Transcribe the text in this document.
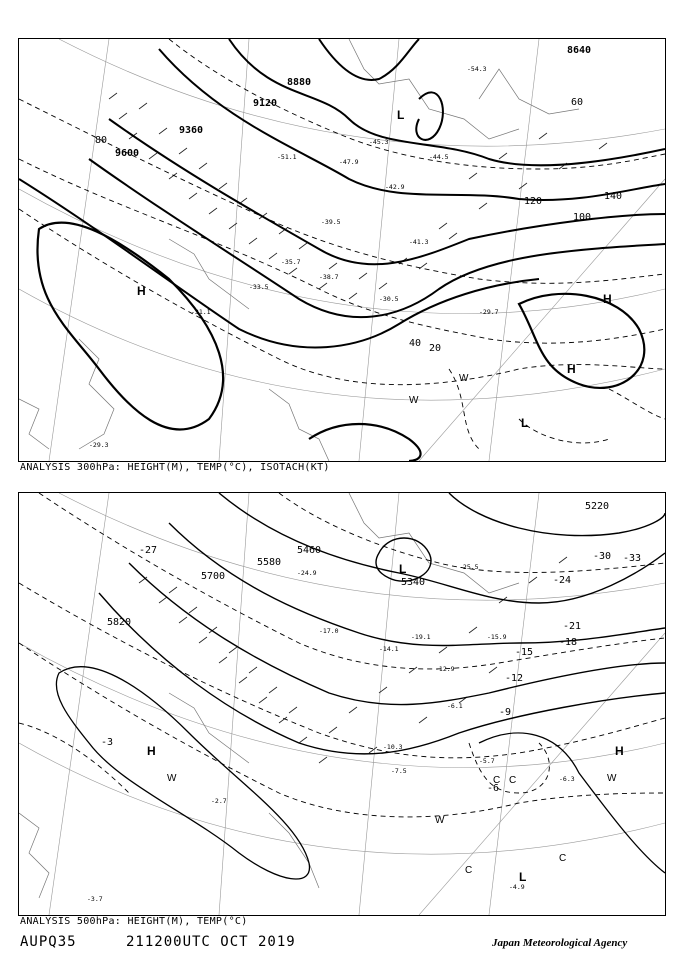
8640
8880
9120
9360
9600
20
40
60
80
100
120	140
H
H
H
L
L
-54.3
-51.1
-47.9
-45.3
-42.9
-39.5
-35.7
-31.1
-30.5
-29.7
-29.3
-33.5
-38.7
-41.3
-44.5
W
W
ANALYSIS 300hPa: HEIGHT(M), TEMP(°C), ISOTACH(KT)
5220
5340
5460
5580
5700
5820
-3
-6
-9
-12
-15
-18
-21
-24
-27
-30 -33
H	H
L
L
-25.5
-24.9
-19.1
-17.0
-15.9
-14.1
-12.9
-10.3
-7.5
-6.1
-5.7
-4.9
-3.7
-2.7
-6.3
W
W
W
C
C
C
C
ANALYSIS 500hPa: HEIGHT(M), TEMP(°C)
AUPQ35	211200UTC OCT 2019	Japan Meteorological Agency
